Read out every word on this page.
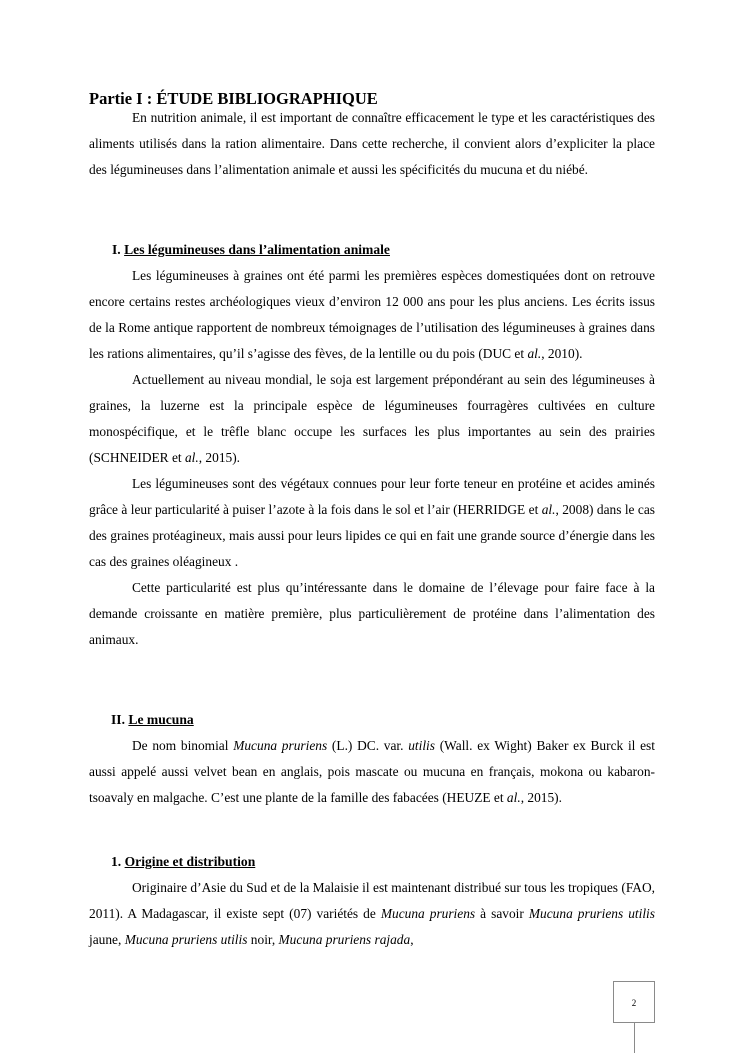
Partie I : ÉTUDE BIBLIOGRAPHIQUE

En nutrition animale, il est important de connaître efficacement le type et les caractéristiques des aliments utilisés dans la ration alimentaire. Dans cette recherche, il convient alors d’expliciter la place des légumineuses dans l’alimentation animale et aussi les spécificités du mucuna et du niébé.

I. Les légumineuses dans l’alimentation animale

Les légumineuses à graines ont été parmi les premières espèces domestiquées dont on retrouve encore certains restes archéologiques vieux d’environ 12 000 ans pour les plus anciens. Les écrits issus de la Rome antique rapportent de nombreux témoignages de l’utilisation des légumineuses à graines dans les rations alimentaires, qu’il s’agisse des fèves, de la lentille ou du pois (DUC et al., 2010).

Actuellement au niveau mondial, le soja est largement prépondérant au sein des légumineuses à graines, la luzerne est la principale espèce de légumineuses fourragères cultivées en culture monospécifique, et le trêfle blanc occupe les surfaces les plus importantes au sein des prairies (SCHNEIDER et al., 2015).

Les légumineuses sont des végétaux connues pour leur forte teneur en protéine et acides aminés grâce à leur particularité à puiser l’azote à la fois dans le sol et l’air (HERRIDGE et al., 2008) dans le cas des graines protéagineux, mais aussi pour leurs lipides ce qui en fait une grande source d’énergie dans les cas des graines oléagineux .

Cette particularité est plus qu’intéressante dans le domaine de l’élevage pour faire face à la demande croissante en matière première, plus particulièrement de protéine dans l’alimentation des animaux.

II. Le mucuna

De nom binomial Mucuna pruriens (L.) DC. var. utilis (Wall. ex Wight) Baker ex Burck il est aussi appelé aussi velvet bean en anglais, pois mascate ou mucuna en français, mokona ou kabaron-tsoavaly en malgache. C’est une plante de la famille des fabacées (HEUZE et al., 2015).

1. Origine et distribution

Originaire d’Asie du Sud et de la Malaisie il est maintenant distribué sur tous les tropiques (FAO, 2011). A Madagascar, il existe sept (07) variétés de Mucuna pruriens à savoir Mucuna pruriens utilis jaune, Mucuna pruriens utilis noir, Mucuna pruriens rajada,

2
